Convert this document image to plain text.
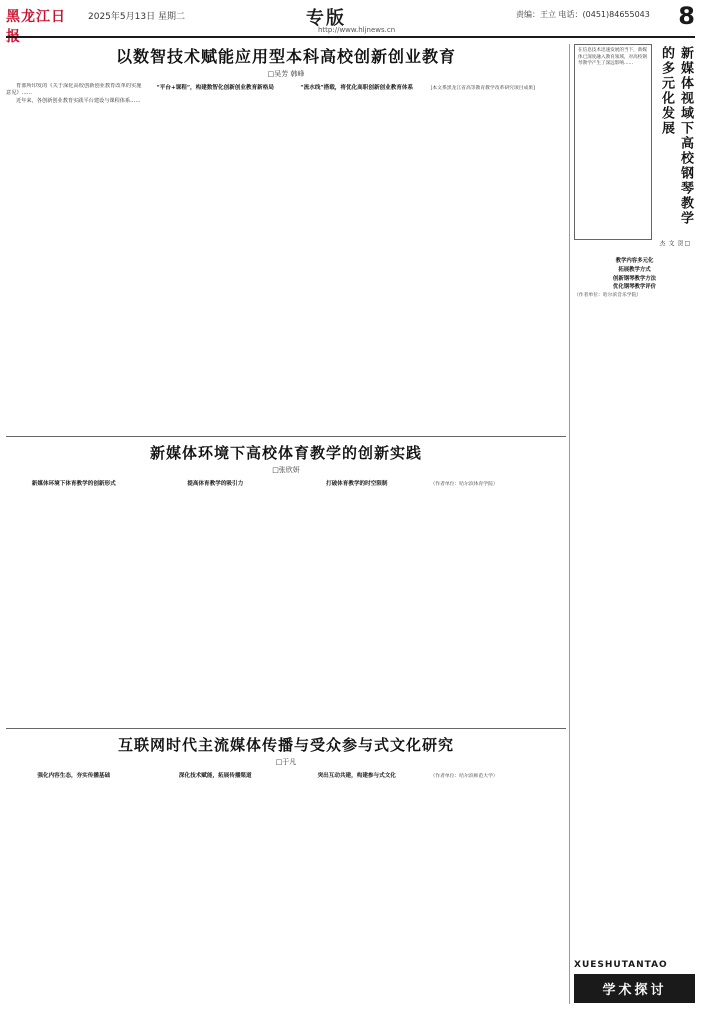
黑龙江日报
2025年5月13日 星期二	专版
http://www.hljnews.cn
责编：王立 电话：(0451)84655043 8
以数智技术赋能应用型本科高校创新创业教育
□吴芳 韩峰

育部所印发的《关于深化高校创新创业教育改革的实施意见》……

近年来，各创新创业教育实践平台建设与课程体系……

“平台+课程”，构建数智化创新创业教育新格局	“流水线”搭载，将优化高职创新创业教育体系	[本文系黑龙江省高等教育教学改革研究项目成果]
新媒体环境下高校体育教学的创新实践
□张欣妍
新媒体环境下体育教学的创新形式	提高体育教学的吸引力	打破体育教学的时空限制	（作者单位：哈尔滨体育学院）
互联网时代主流媒体传播与受众参与式文化研究
□于凡
强化内容生态，夯实传播基础	深化技术赋能，拓展传播渠道	突出互动共建，构建参与式文化	（作者单位：哈尔滨师范大学）
在信息技术迅速发展的当下，新媒体已深度融入教育领域，对高校钢琴教学产生了深远影响……	新媒体视域下高校钢琴教学的多元化发展
□贺文杰
教学内容多元化
拓展教学方式
创新钢琴教学方法
优化钢琴教学评价
（作者单位：哈尔滨音乐学院）
XUESHUTANTAO
学术探讨
